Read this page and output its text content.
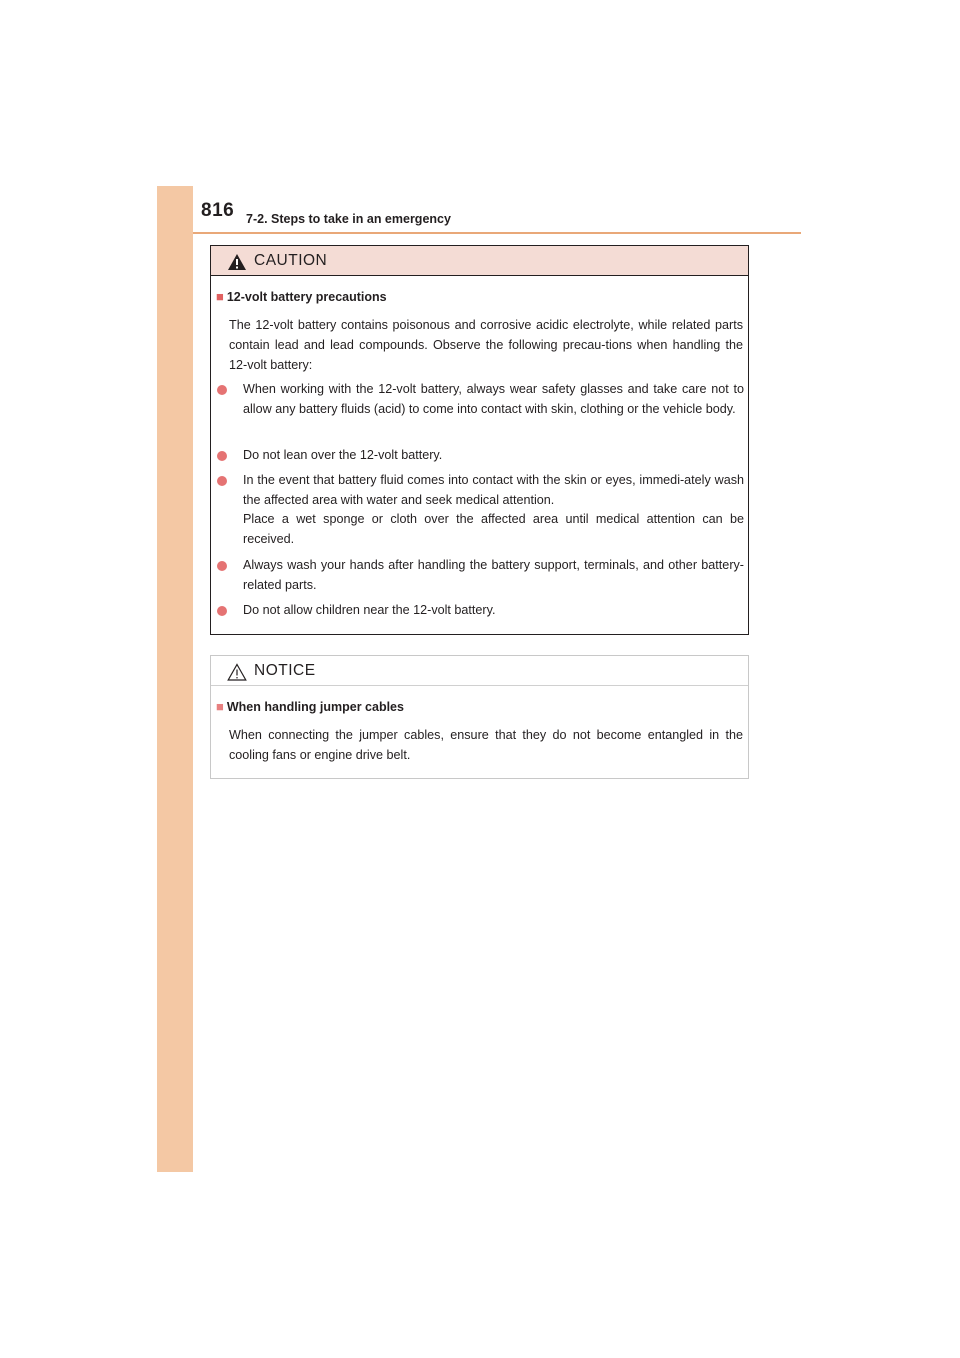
816 7-2. Steps to take in an emergency
CAUTION
■ 12-volt battery precautions

The 12-volt battery contains poisonous and corrosive acidic electrolyte, while related parts contain lead and lead compounds. Observe the following precau-tions when handling the 12-volt battery:

When working with the 12-volt battery, always wear safety glasses and take care not to allow any battery fluids (acid) to come into contact with skin, clothing or the vehicle body.

Do not lean over the 12-volt battery.

In the event that battery fluid comes into contact with the skin or eyes, immedi-ately wash the affected area with water and seek medical attention.

Place a wet sponge or cloth over the affected area until medical attention can be received.

Always wash your hands after handling the battery support, terminals, and other battery-related parts.

Do not allow children near the 12-volt battery.

NOTICE
■ When handling jumper cables

When connecting the jumper cables, ensure that they do not become entangled in the cooling fans or engine drive belt.
